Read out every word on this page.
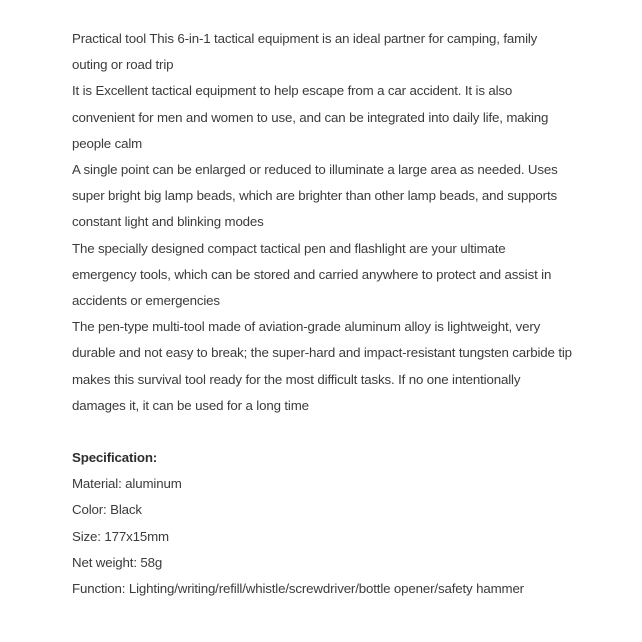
Practical tool This 6-in-1 tactical equipment is an ideal partner for camping, family outing or road trip

It is Excellent tactical equipment to help escape from a car accident. It is also convenient for men and women to use, and can be integrated into daily life, making people calm

A single point can be enlarged or reduced to illuminate a large area as needed. Uses super bright big lamp beads, which are brighter than other lamp beads, and supports constant light and blinking modes

The specially designed compact tactical pen and flashlight are your ultimate emergency tools, which can be stored and carried anywhere to protect and assist in accidents or emergencies

The pen-type multi-tool made of aviation-grade aluminum alloy is lightweight, very durable and not easy to break; the super-hard and impact-resistant tungsten carbide tip makes this survival tool ready for the most difficult tasks. If no one intentionally damages it, it can be used for a long time

Specification:

Material: aluminum

Color: Black

Size: 177x15mm

Net weight: 58g

Function: Lighting/writing/refill/whistle/screwdriver/bottle opener/safety hammer
